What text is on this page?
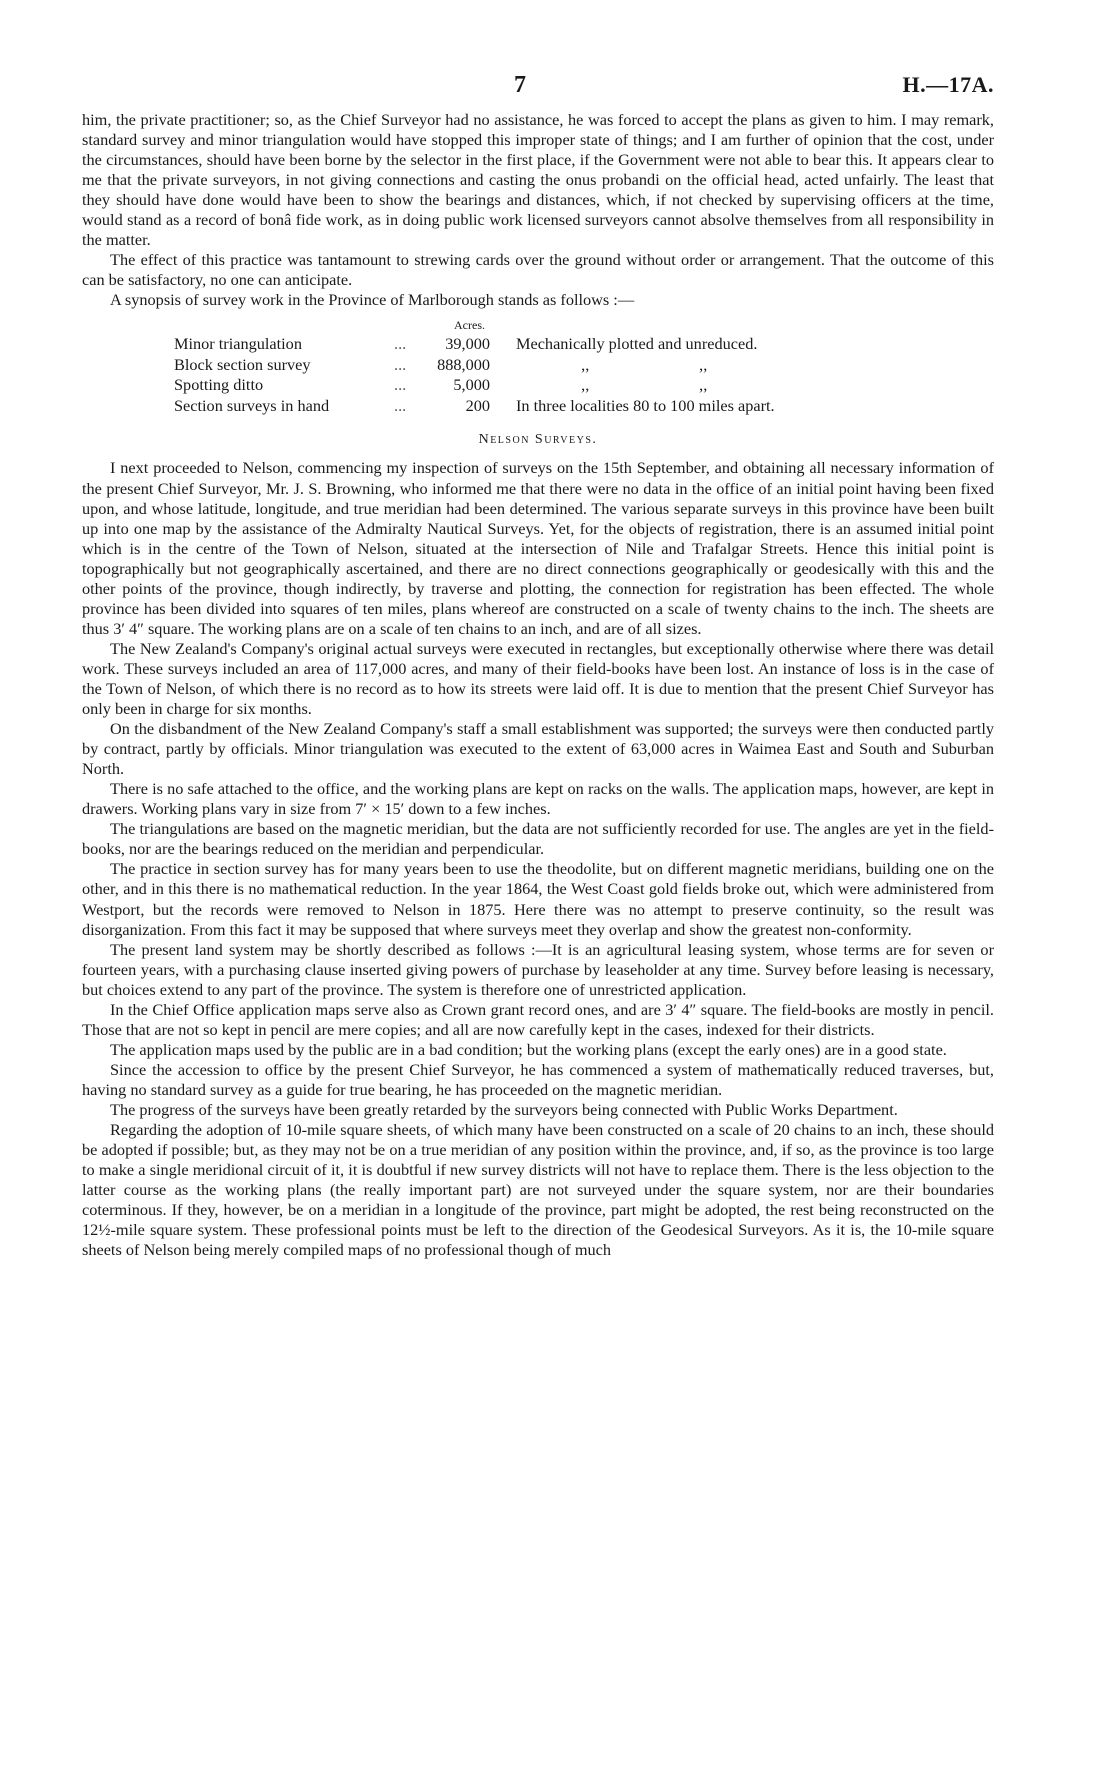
7	H.—17A.

him, the private practitioner; so, as the Chief Surveyor had no assistance, he was forced to accept the plans as given to him. I may remark, standard survey and minor triangulation would have stopped this improper state of things; and I am further of opinion that the cost, under the circumstances, should have been borne by the selector in the first place, if the Government were not able to bear this. It appears clear to me that the private surveyors, in not giving connections and casting the onus probandi on the official head, acted unfairly. The least that they should have done would have been to show the bearings and distances, which, if not checked by supervising officers at the time, would stand as a record of bonâ fide work, as in doing public work licensed surveyors cannot absolve themselves from all responsibility in the matter.

The effect of this practice was tantamount to strewing cards over the ground without order or arrangement. That the outcome of this can be satisfactory, no one can anticipate.

A synopsis of survey work in the Province of Marlborough stands as follows :—

Acres.
Minor triangulation	...	39,000 Mechanically plotted and unreduced.
Block section survey	...	888,000 ,,                           ,,
Spotting ditto	...	5,000 ,,                           ,,
Section surveys in hand	...	200 In three localities 80 to 100 miles apart.
Nelson Surveys.

I next proceeded to Nelson, commencing my inspection of surveys on the 15th September, and obtaining all necessary information of the present Chief Surveyor, Mr. J. S. Browning, who informed me that there were no data in the office of an initial point having been fixed upon, and whose latitude, longitude, and true meridian had been determined. The various separate surveys in this province have been built up into one map by the assistance of the Admiralty Nautical Surveys. Yet, for the objects of registration, there is an assumed initial point which is in the centre of the Town of Nelson, situated at the intersection of Nile and Trafalgar Streets. Hence this initial point is topographically but not geographically ascertained, and there are no direct connections geographically or geodesically with this and the other points of the province, though indirectly, by traverse and plotting, the connection for registration has been effected. The whole province has been divided into squares of ten miles, plans whereof are constructed on a scale of twenty chains to the inch. The sheets are thus 3′ 4″ square. The working plans are on a scale of ten chains to an inch, and are of all sizes.

The New Zealand's Company's original actual surveys were executed in rectangles, but exceptionally otherwise where there was detail work. These surveys included an area of 117,000 acres, and many of their field-books have been lost. An instance of loss is in the case of the Town of Nelson, of which there is no record as to how its streets were laid off. It is due to mention that the present Chief Surveyor has only been in charge for six months.

On the disbandment of the New Zealand Company's staff a small establishment was supported; the surveys were then conducted partly by contract, partly by officials. Minor triangulation was executed to the extent of 63,000 acres in Waimea East and South and Suburban North.

There is no safe attached to the office, and the working plans are kept on racks on the walls. The application maps, however, are kept in drawers. Working plans vary in size from 7′ × 15′ down to a few inches.

The triangulations are based on the magnetic meridian, but the data are not sufficiently recorded for use. The angles are yet in the field-books, nor are the bearings reduced on the meridian and perpendicular.

The practice in section survey has for many years been to use the theodolite, but on different magnetic meridians, building one on the other, and in this there is no mathematical reduction. In the year 1864, the West Coast gold fields broke out, which were administered from Westport, but the records were removed to Nelson in 1875. Here there was no attempt to preserve continuity, so the result was disorganization. From this fact it may be supposed that where surveys meet they overlap and show the greatest non-conformity.

The present land system may be shortly described as follows :—It is an agricultural leasing system, whose terms are for seven or fourteen years, with a purchasing clause inserted giving powers of purchase by leaseholder at any time. Survey before leasing is necessary, but choices extend to any part of the province. The system is therefore one of unrestricted application.

In the Chief Office application maps serve also as Crown grant record ones, and are 3′ 4″ square. The field-books are mostly in pencil. Those that are not so kept in pencil are mere copies; and all are now carefully kept in the cases, indexed for their districts.

The application maps used by the public are in a bad condition; but the working plans (except the early ones) are in a good state.

Since the accession to office by the present Chief Surveyor, he has commenced a system of mathematically reduced traverses, but, having no standard survey as a guide for true bearing, he has proceeded on the magnetic meridian.

The progress of the surveys have been greatly retarded by the surveyors being connected with Public Works Department.

Regarding the adoption of 10-mile square sheets, of which many have been constructed on a scale of 20 chains to an inch, these should be adopted if possible; but, as they may not be on a true meridian of any position within the province, and, if so, as the province is too large to make a single meridional circuit of it, it is doubtful if new survey districts will not have to replace them. There is the less objection to the latter course as the working plans (the really important part) are not surveyed under the square system, nor are their boundaries coterminous. If they, however, be on a meridian in a longitude of the province, part might be adopted, the rest being reconstructed on the 12½-mile square system. These professional points must be left to the direction of the Geodesical Surveyors. As it is, the 10-mile square sheets of Nelson being merely compiled maps of no professional though of much
